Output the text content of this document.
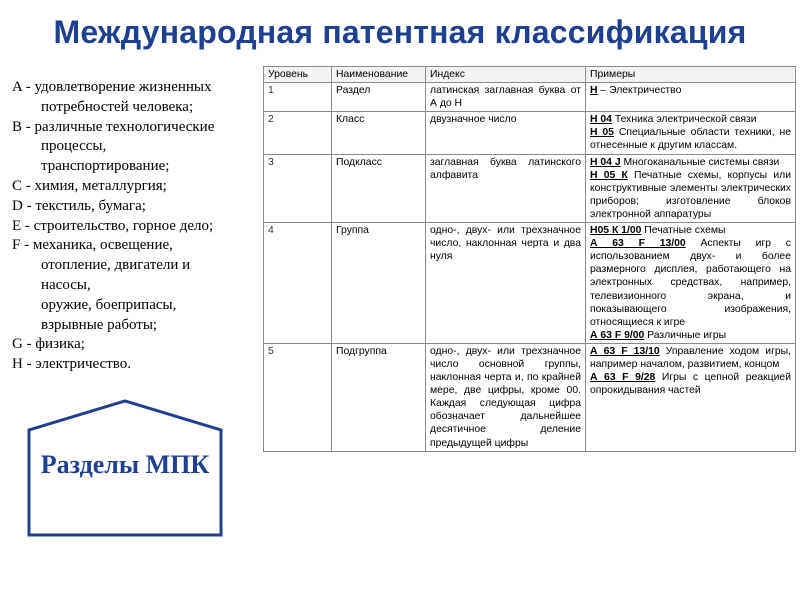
Международная патентная классификация
A - удовлетворение жизненных
потребностей человека;
B - различные технологические
процессы,
транспортирование;
C - химия, металлургия;
D - текстиль, бумага;
E - строительство, горное дело;
F - механика, освещение,
отопление, двигатели и
насосы,
оружие, боеприпасы,
взрывные работы;
G - физика;
H - электричество.
Разделы МПК
Уровень	Наименование	Индекс	Примеры
1	Раздел	латинская заглавная буква от А до Н	Н – Электричество

2	Класс	двузначное число	Н 04 Техника электрической связи
Н 05 Специальные области техники, не отнесенные к другим классам.

3	Подкласс	заглавная буква латинского алфавита	Н 04 J Многоканальные системы связи
Н 05 К Печатные схемы, корпусы или конструктивные элементы электрических приборов; изготовление блоков электронной аппаратуры

4	Группа	одно-, двух- или трехзначное число, наклонная черта и два нуля	Н05 К 1/00 Печатные схемы
А 63 F 13/00 Аспекты игр с использованием двух- и более размерного дисплея, работающего на электронных средствах, например, телевизионного экрана, и показывающего изображения, относящиеся к игре
А 63 F 9/00 Различные игры

5	Подгруппа	одно-, двух- или трехзначное число основной группы, наклонная черта и, по крайней мере, две цифры, кроме 00. Каждая следующая цифра обозначает дальнейшее десятичное деление предыдущей цифры	А 63 F 13/10 Управление ходом игры, например началом, развитием, концом
А 63 F 9/28 Игры с цепной реакцией опрокидывания частей
